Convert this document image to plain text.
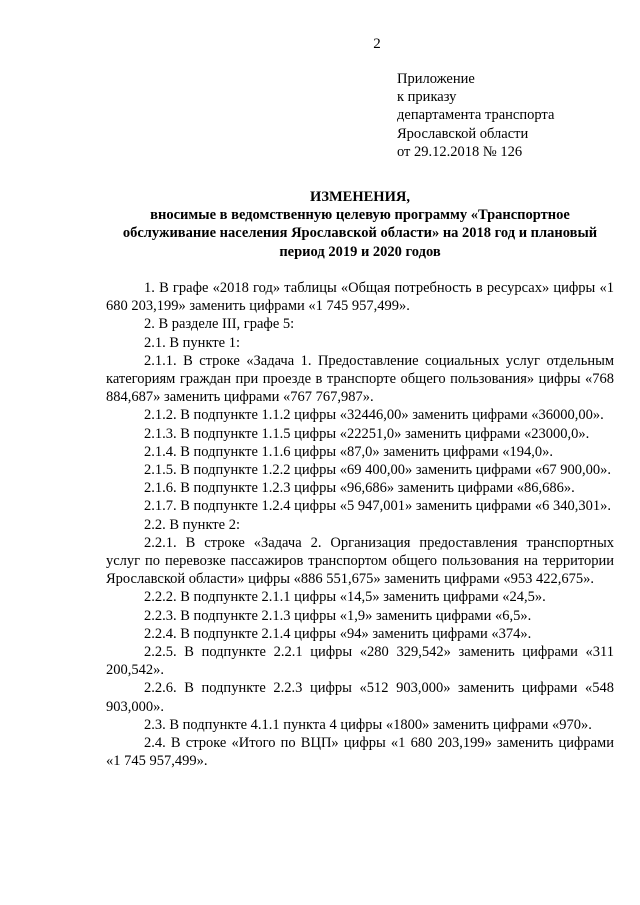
2
Приложение
к приказу
департамента транспорта
Ярославской области
от 29.12.2018 № 126
ИЗМЕНЕНИЯ,
вносимые в ведомственную целевую программу «Транспортное
обслуживание населения Ярославской области» на 2018 год и плановый
период 2019 и 2020 годов

1. В графе «2018 год» таблицы «Общая потребность в ресурсах» цифры «1 680 203,199» заменить цифрами «1 745 957,499».

2. В разделе III, графе 5:

2.1. В пункте 1:

2.1.1. В строке «Задача 1. Предоставление социальных услуг отдельным категориям граждан при проезде в транспорте общего пользования» цифры «768 884,687» заменить цифрами «767 767,987».

2.1.2. В подпункте 1.1.2 цифры «32446,00» заменить цифрами «36000,00».

2.1.3. В подпункте 1.1.5 цифры «22251,0» заменить цифрами «23000,0».

2.1.4. В подпункте 1.1.6 цифры «87,0» заменить цифрами «194,0».

2.1.5. В подпункте 1.2.2 цифры «69 400,00» заменить цифрами «67 900,00».

2.1.6. В подпункте 1.2.3 цифры «96,686» заменить цифрами «86,686».

2.1.7. В подпункте 1.2.4 цифры «5 947,001» заменить цифрами «6 340,301».

2.2. В пункте 2:

2.2.1. В строке «Задача 2. Организация предоставления транспортных услуг по перевозке пассажиров транспортом общего пользования на территории Ярославской области» цифры «886 551,675» заменить цифрами «953 422,675».

2.2.2. В подпункте 2.1.1 цифры «14,5» заменить цифрами «24,5».

2.2.3. В подпункте 2.1.3 цифры «1,9» заменить цифрами «6,5».

2.2.4. В подпункте 2.1.4 цифры «94» заменить цифрами «374».

2.2.5. В подпункте 2.2.1 цифры «280 329,542» заменить цифрами «311 200,542».

2.2.6. В подпункте 2.2.3 цифры «512 903,000» заменить цифрами «548 903,000».

2.3. В подпункте 4.1.1 пункта 4 цифры «1800» заменить цифрами «970».

2.4. В строке «Итого по ВЦП» цифры «1 680 203,199» заменить цифрами «1 745 957,499».
